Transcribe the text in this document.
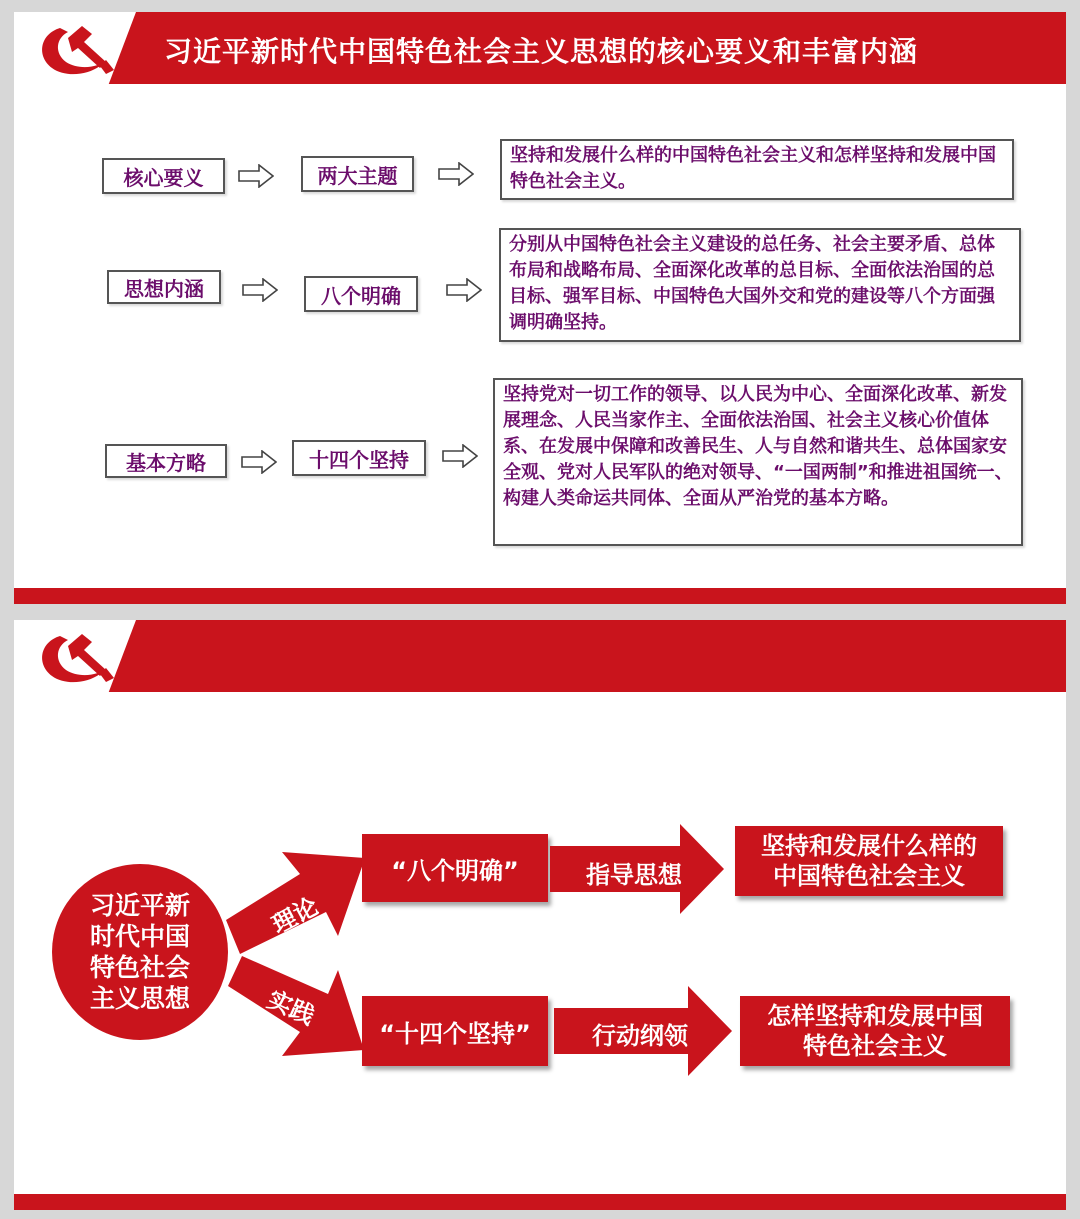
习近平新时代中国特色社会主义思想的核心要义和丰富内涵
核心要义	两大主题
坚持和发展什么样的中国特色社会主义和怎样坚持和发展中国特色社会主义。
思想内涵	八个明确
分别从中国特色社会主义建设的总任务、社会主要矛盾、总体布局和战略布局、全面深化改革的总目标、全面依法治国的总目标、强军目标、中国特色大国外交和党的建设等八个方面强调明确坚持。
基本方略	十四个坚持
坚持党对一切工作的领导、以人民为中心、全面深化改革、新发展理念、人民当家作主、全面依法治国、社会主义核心价值体系、在发展中保障和改善民生、人与自然和谐共生、总体国家安全观、党对人民军队的绝对领导、“一国两制”和推进祖国统一、构建人类命运共同体、全面从严治党的基本方略。
习近平新
时代中国
特色社会
主义思想
理论
实践
“八个明确”	指导思想
坚持和发展什么样的中国特色社会主义
“十四个坚持”	行动纲领
怎样坚持和发展中国特色社会主义
